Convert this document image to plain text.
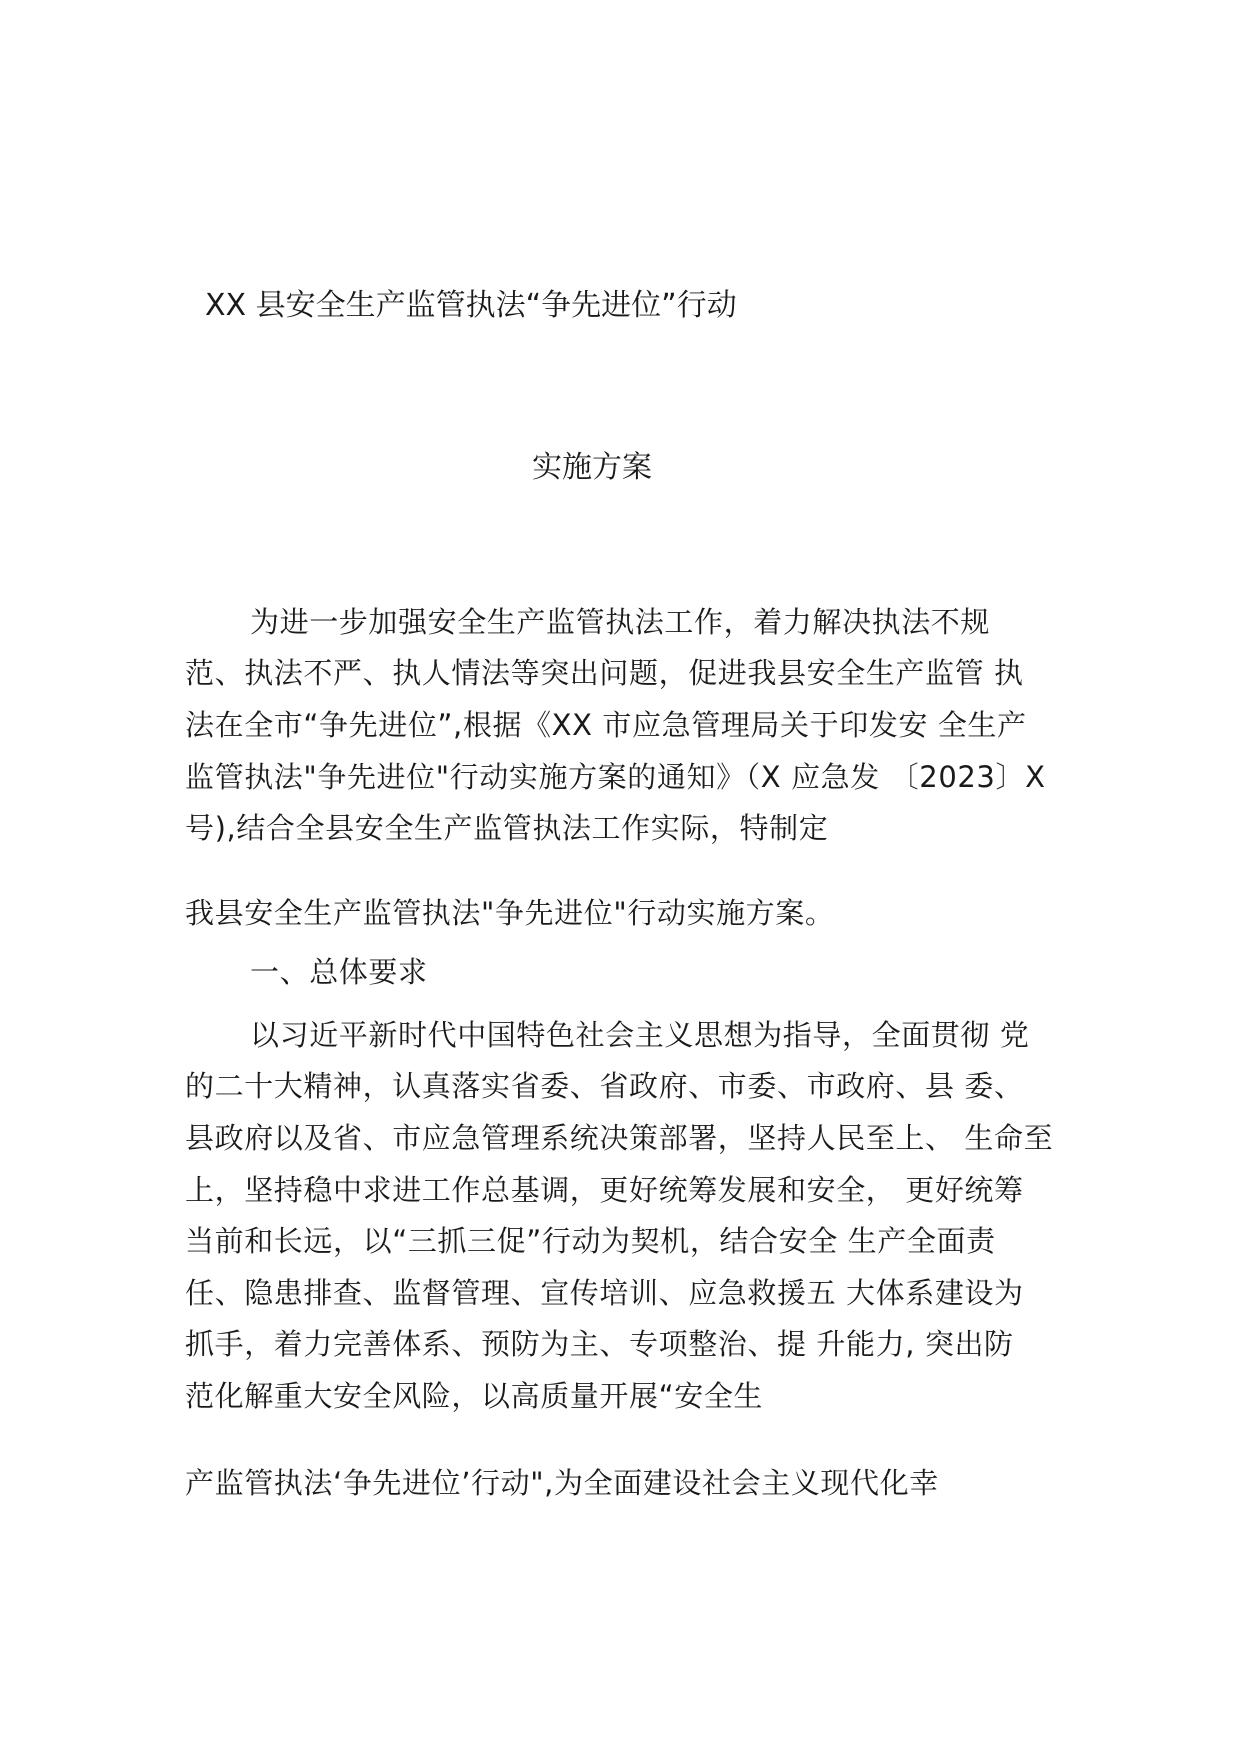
XX 县安全生产监管执法“争先进位”行动
实施方案
为进一步加强安全生产监管执法工作，着力解决执法不规
范、执法不严、执人情法等突出问题，促进我县安全生产监管 执
法在全市“争先进位”,根据《XX 市应急管理局关于印发安 全生产
监管执法"争先进位"行动实施方案的通知》（X 应急发 〔2023〕X
号),结合全县安全生产监管执法工作实际，特制定
我县安全生产监管执法"争先进位"行动实施方案。
一、总体要求
以习近平新时代中国特色社会主义思想为指导，全面贯彻 党
的二十大精神，认真落实省委、省政府、市委、市政府、县 委、
县政府以及省、市应急管理系统决策部署，坚持人民至上、 生命至
上，坚持稳中求进工作总基调，更好统筹发展和安全， 更好统筹
当前和长远，以“三抓三促”行动为契机，结合安全 生产全面责
任、隐患排查、监督管理、宣传培训、应急救援五 大体系建设为
抓手，着力完善体系、预防为主、专项整治、提 升能力, 突出防
范化解重大安全风险，以高质量开展“安全生
产监管执法‘争先进位’行动",为全面建设社会主义现代化幸
